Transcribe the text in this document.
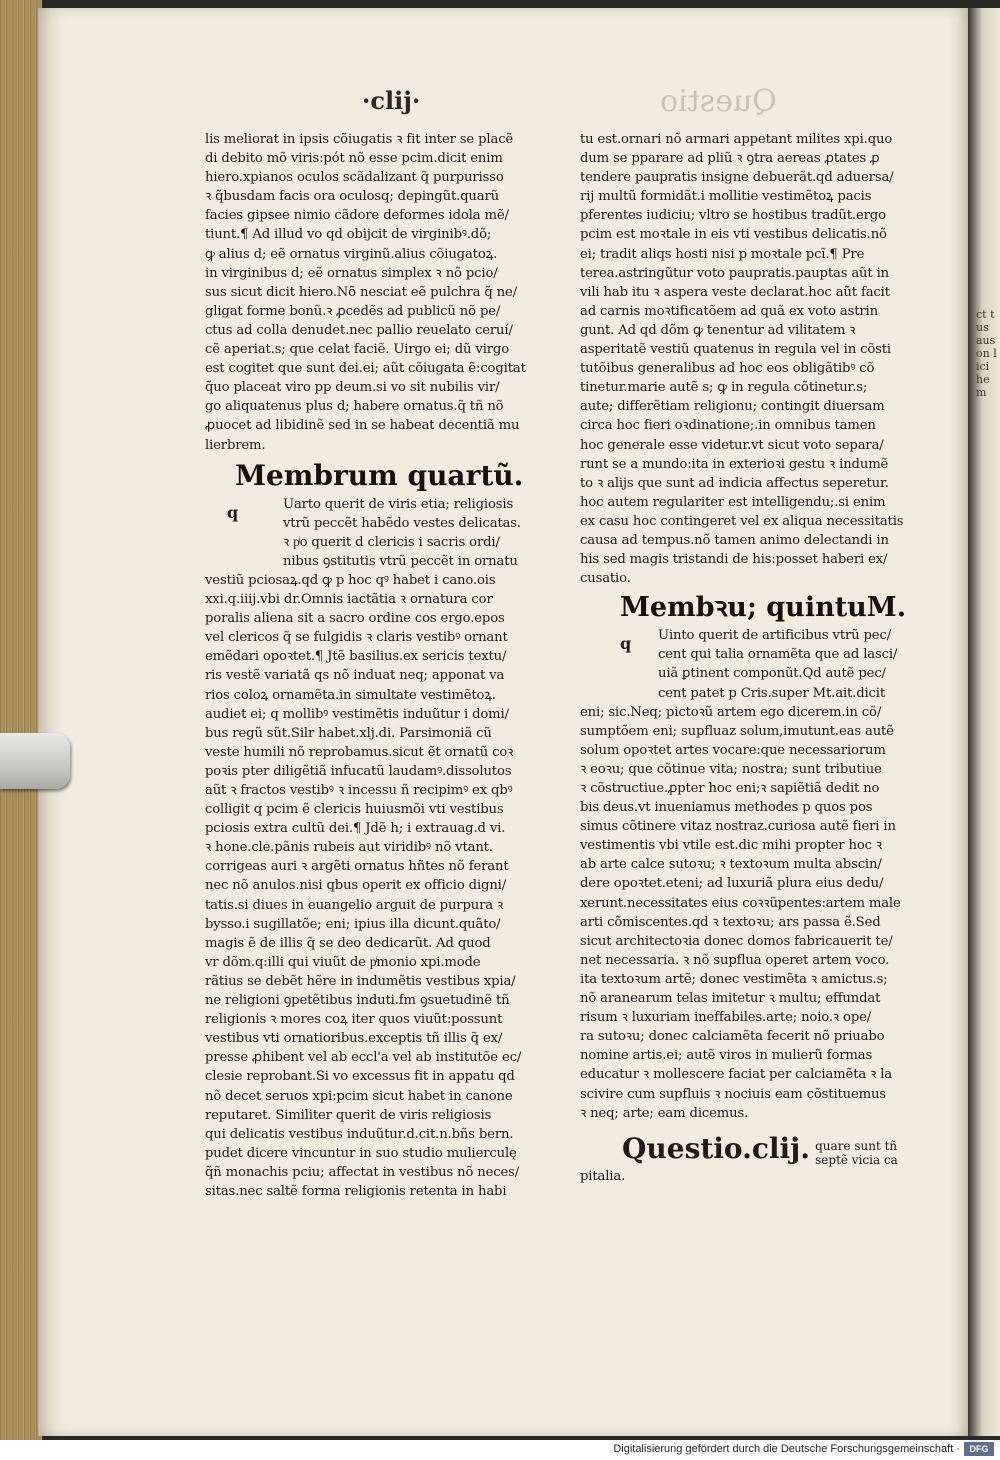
ct tus aus on lici hem
·clij·	Questio
lis meliorat in ipsis cõiugatis ꝛ fit inter se placẽ
di debito mõ viris:pót nõ esse pcim.dicit enim
hiero.xpianos oculos scãdalizant q̃ purpurisso
ꝛ q̃busdam facis ora oculosq; depingũt.quarũ
facies gipsee nimio cãdore deformes idola mẽ/
tiunt.¶ Ad illud vo qd obijcit de virginibꝰ.dõ;
ꝙ alius d; eẽ ornatus virginũ.alius cõiugatoꝝ.
in virginibus d; eẽ ornatus simplex ꝛ nõ pcio/
sus sicut dicit hiero.Nõ nesciat eẽ pulchra q̃ ne/
gligat forme bonũ.ꝛ ꝓcedẽs ad publicũ nõ pe/
ctus ad colla denudet.nec pallio reuelato ceruí/
cẽ aperiat.s; que celat faciẽ. Uirgo ei; dũ virgo
est cogitet que sunt dei.ei; aũt cõiugata ẽ:cogitat
q̃uo placeat viro pp deum.si vo sit nubilis vir/
go aliquatenus plus d; habere ornatus.q̃ tñ nõ
ꝓuocet ad libidinẽ sed in se habeat decentiã mu
lierbrem.
Membrum quartũ.
q	Uarto querit de viris etia; religiosis
vtrũ peccẽt habẽdo vestes delicatas.
ꝛ pͥo querit d clericis i sacris ordi/
nibus ꝯstitutis vtrũ peccẽt in ornatu
vestiũ pciosaꝝ.qd ꝙ p hoc qꝰ habet i cano.ois
xxi.q.iiij.vbi dr.Omnis iactãtia ꝛ ornatura cor
poralis aliena sit a sacro ordine cos ergo.epos
vel clericos q̃ se fulgidis ꝛ claris vestibꝰ ornant
emẽdari opoꝛtet.¶ Jtẽ basilius.ex sericis textu/
ris vestẽ variatã qs nõ induat neq; apponat va
rios coloꝝ ornamẽta.in simultate vestimẽtoꝝ.
audiet ei; q mollibꝰ vestimẽtis induũtur i domi/
bus regũ sũt.Silr habet.xlj.di. Parsimoniã cũ
veste humili nõ reprobamus.sicut ẽt ornatũ coꝛ
poꝛis pter diligẽtiã infucatũ laudamꝰ.dissolutos
aũt ꝛ fractos vestibꝰ ꝛ incessu ñ recipimꝰ ex qbꝰ
colligit q pcim ẽ clericis huiusmõi vti vestibus
pciosis extra cultũ dei.¶ Jdẽ h; i extrauag.d vi.
ꝛ hone.cle.pãnis rubeis aut viridibꝰ nõ vtant.
corrigeas auri ꝛ argẽti ornatus hñtes nõ ferant
nec nõ anulos.nisi qbus operit ex officio digni/
tatis.si diues in euangelio arguit de purpura ꝛ
bysso.i sugillatõe; eni; ipius illa dicunt.quãto/
magis ẽ de illis q̃ se deo dedicarũt. Ad quod
vr dõm.q:illi qui viuũt de pͥmonio xpi.mode
rãtius se debẽt hẽre in indumẽtis vestibus xpia/
ne religioni ꝯpetẽtibus induti.fm ꝯsuetudinẽ tñ
religionis ꝛ mores coꝝ iter quos viuũt:possunt
vestibus vti ornatioribus.exceptis tñ illis q̃ ex/
presse ꝓhibent vel ab eccl'a vel ab institutõe ec/
clesie reprobant.Si vo excessus fit in appatu qd
nõ decet seruos xpi:pcim sicut habet in canone
reputaret. Similiter querit de viris religiosis
qui delicatis vestibus induũtur.d.cit.n.bñs bern.
pudet dicere vincuntur in suo studio mulierculę
q̃ñ monachis pciu; affectat in vestibus nõ neces/
sitas.nec saltẽ forma religionis retenta in habi
tu est.ornari nõ armari appetant milites xpi.quo
dum se pparare ad pliũ ꝛ ꝯtra aereas ꝓtates ꝓ
tendere paupratis insigne debuerãt.qd aduersa/
rij multũ formidãt.i mollitie vestimẽtoꝝ pacis
pferentes iudiciu; vltro se hostibus tradũt.ergo
pcim est moꝛtale in eis vti vestibus delicatis.nõ
ei; tradit aliqs hosti nisi p moꝛtale pcĩ.¶ Pre
terea.astringũtur voto paupratis.pauptas aũt in
vili hab itu ꝛ aspera veste declarat.hoc aũt facit
ad carnis moꝛtificatõem ad quã ex voto astrin
gunt. Ad qd dõm ꝙ tenentur ad vilitatem ꝛ
asperitatẽ vestiũ quatenus in regula vel in cõsti
tutõibus generalibus ad hoc eos obligãtibꝰ cõ
tinetur.marie autẽ s; ꝙ in regula cõtinetur.s;
aute; differẽtiam religionu; contingit diuersam
circa hoc fieri oꝛdinatione;.in omnibus tamen
hoc generale esse videtur.vt sicut voto separa/
runt se a mundo:ita in exterioꝛi gestu ꝛ indumẽ
to ꝛ alijs que sunt ad indicia affectus seperetur.
hoc autem regulariter est intelligendu;.si enim
ex casu hoc contingeret vel ex aliqua necessitatis
causa ad tempus.nõ tamen animo delectandi in
his sed magis tristandi de his:posset haberi ex/
cusatio.
Membꝛu; quintuM.
q Uinto querit de artificibus vtrũ pec/
cent qui talia ornamẽta que ad lasci/
uiã ꝑtinent componũt.Qd autẽ pec/
cent patet p Cris.super Mt.ait.dicit
eni; sic.Neq; pictoꝛũ artem ego dicerem.in cõ/
sumptõem eni; supfluaz solum,imutunt.eas autẽ
solum opoꝛtet artes vocare:que necessariorum
ꝛ eoꝛu; que cõtinue vita; nostra; sunt tributiue
ꝛ cõstructiue.ꝓpter hoc eni;ꝛ sapiẽtiã dedit no
bis deus.vt inueniamus methodes p quos pos
simus cõtinere vitaz nostraz.curiosa autẽ fieri in
vestimentis vbi vtile est.dic mihi propter hoc ꝛ
ab arte calce sutoꝛu; ꝛ textoꝛum multa abscin/
dere opoꝛtet.eteni; ad luxuriã plura eius dedu/
xerunt.necessitates eius coꝛꝛũpentes:artem male
arti cõmiscentes.qd ꝛ textoꝛu; ars passa ẽ.Sed
sicut architectoꝛia donec domos fabricauerit te/
net necessaria. ꝛ nõ supflua operet artem voco.
ita textoꝛum artẽ; donec vestimẽta ꝛ amictus.s;
nõ aranearum telas imitetur ꝛ multu; effundat
risum ꝛ luxuriam ineffabiles.arte; noio.ꝛ ope/
ra sutoꝛu; donec calciamẽta fecerit nõ priuabo
nomine artis.ei; autẽ viros in mulierũ formas
educatur ꝛ mollescere faciat per calciamẽta ꝛ la
scivire cum supfluis ꝛ nociuis eam cõstituemus
ꝛ neq; arte; eam dicemus.
Questio.clij. quare sunt tñ
septẽ vicia ca
pitalia.
Digitalisierung gefördert durch die Deutsche Forschungsgemeinschaft ·	DFG
